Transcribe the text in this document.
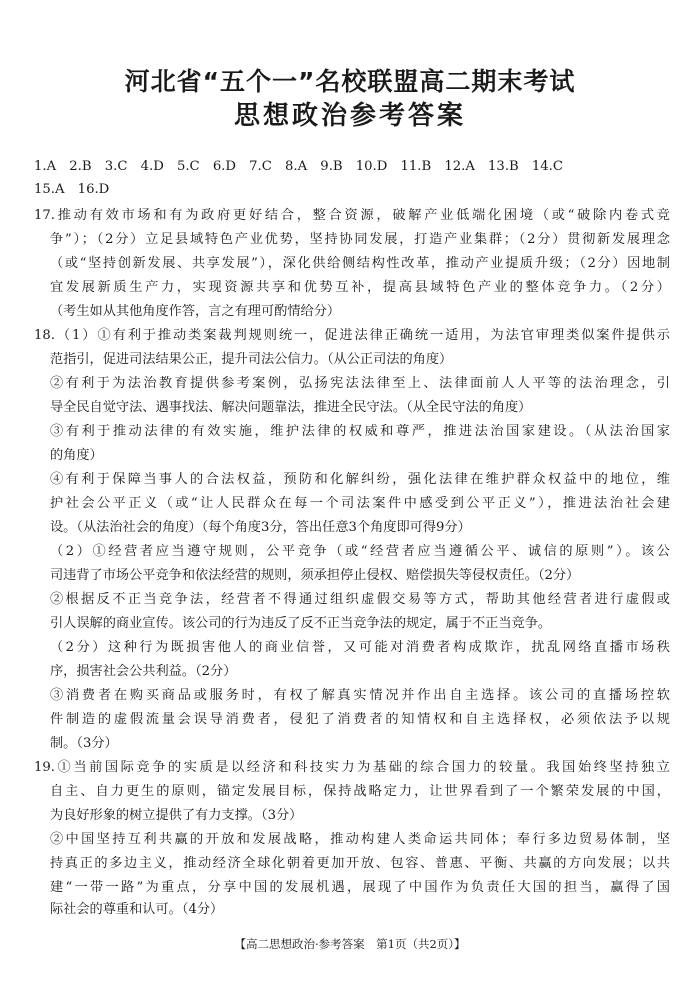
河北省“五个一”名校联盟高二期末考试
思想政治参考答案
1.A　2.B　3.C　4.D　5.C　6.D　7.C　8.A　9.B　10.D　11.B　12.A　13.B　14.C
15.A　16.D
17.推动有效市场和有为政府更好结合，整合资源，破解产业低端化困境（或“破除内卷式竞
争”）；（2分）立足县域特色产业优势，坚持协同发展，打造产业集群；（2分）贯彻新发展理念
（或“坚持创新发展、共享发展”），深化供给侧结构性改革，推动产业提质升级；（2分）因地制
宜发展新质生产力，实现资源共享和优势互补，提高县域特色产业的整体竞争力。（2分）
（考生如从其他角度作答，言之有理可酌情给分）
18.（1）①有利于推动类案裁判规则统一，促进法律正确统一适用，为法官审理类似案件提供示
范指引，促进司法结果公正，提升司法公信力。（从公正司法的角度）
②有利于为法治教育提供参考案例，弘扬宪法法律至上、法律面前人人平等的法治理念，引
导全民自觉守法、遇事找法、解决问题靠法，推进全民守法。（从全民守法的角度）
③有利于推动法律的有效实施，维护法律的权威和尊严，推进法治国家建设。（从法治国家
的角度）
④有利于保障当事人的合法权益，预防和化解纠纷，强化法律在维护群众权益中的地位，维
护社会公平正义（或“让人民群众在每一个司法案件中感受到公平正义”），推进法治社会建
设。（从法治社会的角度）（每个角度3分，答出任意3个角度即可得9分）
（2）①经营者应当遵守规则，公平竞争（或“经营者应当遵循公平、诚信的原则”）。该公
司违背了市场公平竞争和依法经营的规则，须承担停止侵权、赔偿损失等侵权责任。（2分）
②根据反不正当竞争法，经营者不得通过组织虚假交易等方式，帮助其他经营者进行虚假或
引人误解的商业宣传。该公司的行为违反了反不正当竞争法的规定，属于不正当竞争。
（2分）这种行为既损害他人的商业信誉，又可能对消费者构成欺诈，扰乱网络直播市场秩
序，损害社会公共利益。（2分）
③消费者在购买商品或服务时，有权了解真实情况并作出自主选择。该公司的直播场控软
件制造的虚假流量会误导消费者，侵犯了消费者的知情权和自主选择权，必须依法予以规
制。（3分）
19.①当前国际竞争的实质是以经济和科技实力为基础的综合国力的较量。我国始终坚持独立
自主、自力更生的原则，锚定发展目标，保持战略定力，让世界看到了一个繁荣发展的中国，
为良好形象的树立提供了有力支撑。（3分）
②中国坚持互利共赢的开放和发展战略，推动构建人类命运共同体；奉行多边贸易体制，坚
持真正的多边主义，推动经济全球化朝着更加开放、包容、普惠、平衡、共赢的方向发展；以共
建“一带一路”为重点，分享中国的发展机遇，展现了中国作为负责任大国的担当，赢得了国
际社会的尊重和认可。（4分）
【高二思想政治·参考答案　第1页（共2页）】
